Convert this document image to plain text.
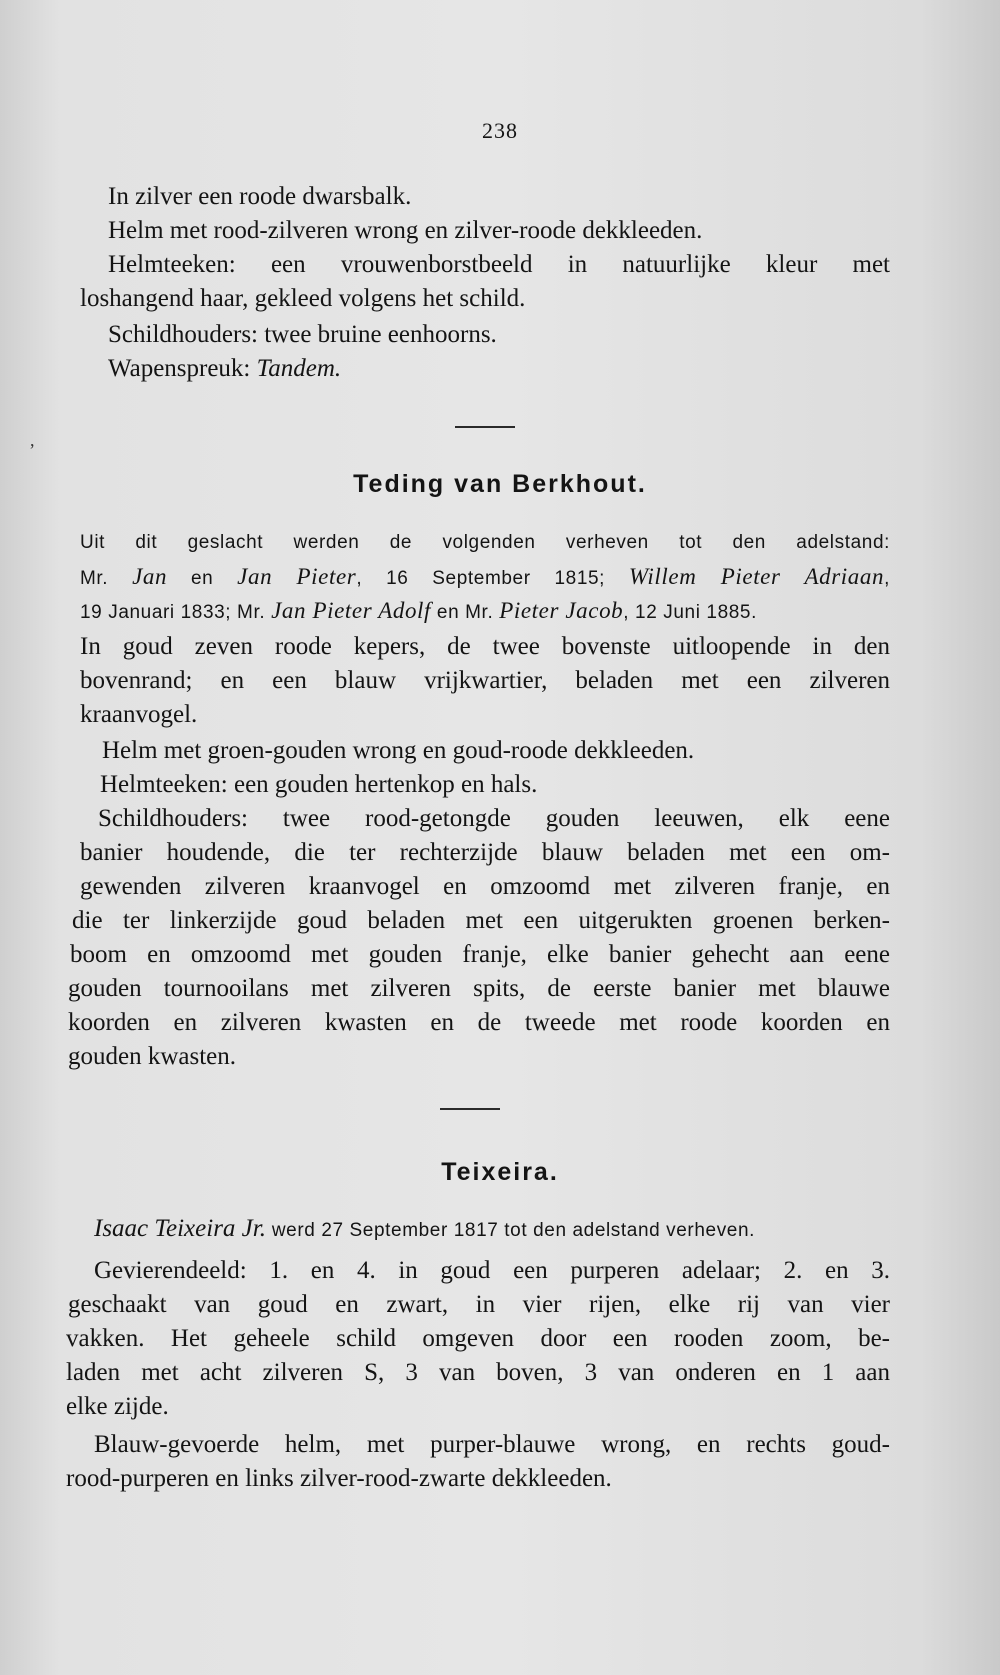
238
In zilver een roode dwarsbalk.
Helm met rood-zilveren wrong en zilver-roode dekkleeden.
Helmteeken: een vrouwenborstbeeld in natuurlijke kleur met
loshangend haar, gekleed volgens het schild.
Schildhouders: twee bruine eenhoorns.
Wapenspreuk: Tandem.
,
Teding van Berkhout.
Uit dit geslacht werden de volgenden verheven tot den adelstand:
Mr. Jan en Jan Pieter, 16 September 1815; Willem Pieter Adriaan,
19 Januari 1833; Mr. Jan Pieter Adolf en Mr. Pieter Jacob, 12 Juni 1885.
In goud zeven roode kepers, de twee bovenste uitloopende in den
bovenrand; en een blauw vrijkwartier, beladen met een zilveren
kraanvogel.
Helm met groen-gouden wrong en goud-roode dekkleeden.
Helmteeken: een gouden hertenkop en hals.
Schildhouders: twee rood-getongde gouden leeuwen, elk eene
banier houdende, die ter rechterzijde blauw beladen met een om-
gewenden zilveren kraanvogel en omzoomd met zilveren franje, en
die ter linkerzijde goud beladen met een uitgerukten groenen berken-
boom en omzoomd met gouden franje, elke banier gehecht aan eene
gouden tournooilans met zilveren spits, de eerste banier met blauwe
koorden en zilveren kwasten en de tweede met roode koorden en
gouden kwasten.
Teixeira.
Isaac Teixeira Jr. werd 27 September 1817 tot den adelstand verheven.
Gevierendeeld: 1. en 4. in goud een purperen adelaar; 2. en 3.
geschaakt van goud en zwart, in vier rijen, elke rij van vier
vakken. Het geheele schild omgeven door een rooden zoom, be-
laden met acht zilveren S, 3 van boven, 3 van onderen en 1 aan
elke zijde.
Blauw-gevoerde helm, met purper-blauwe wrong, en rechts goud-
rood-purperen en links zilver-rood-zwarte dekkleeden.
